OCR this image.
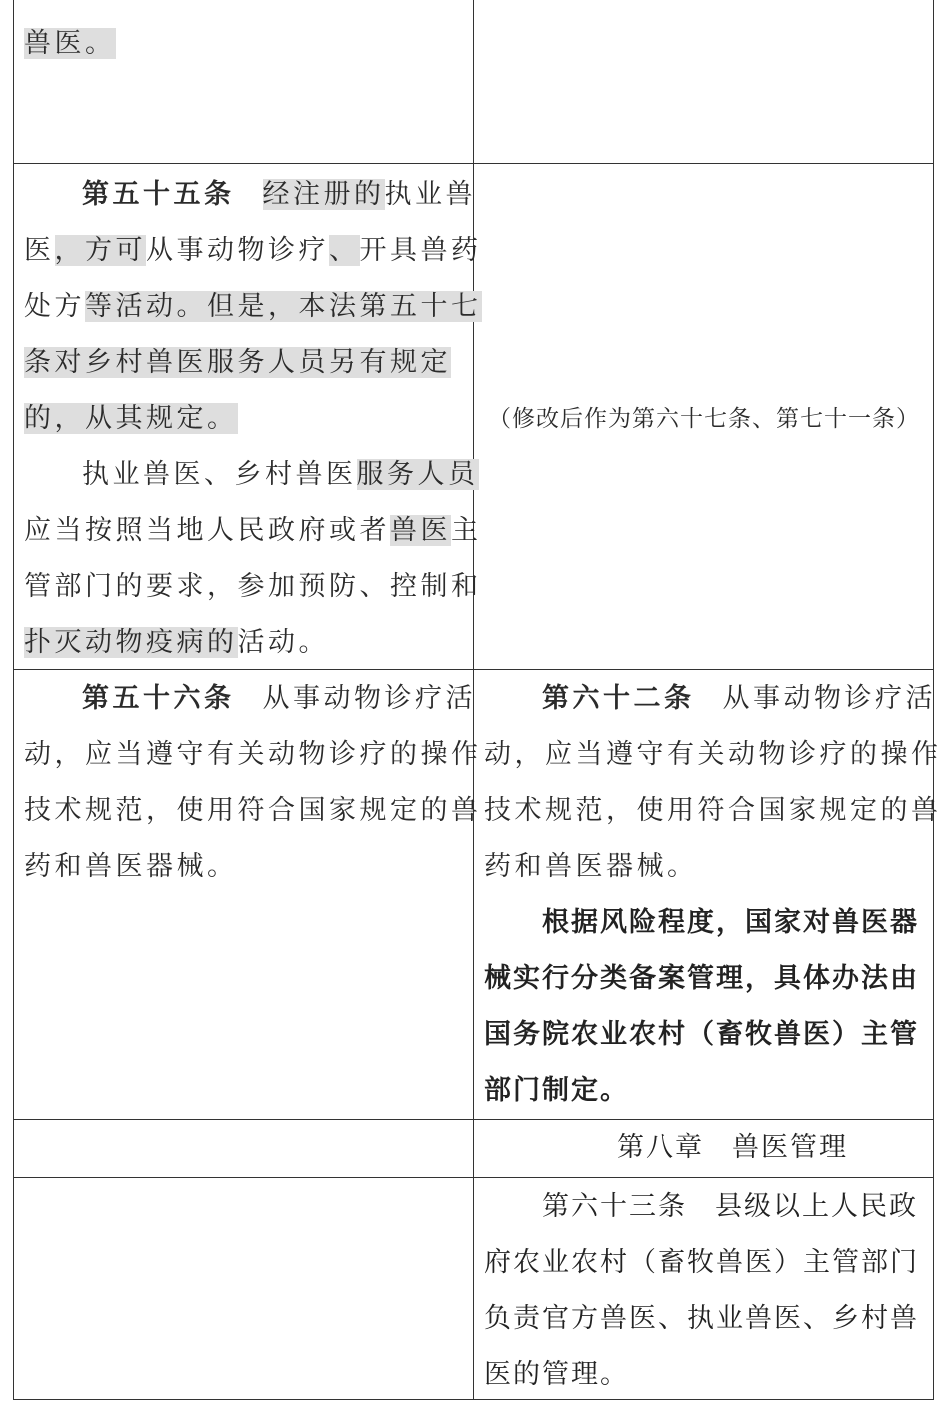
兽医。
第五十五条 经注册的执业兽
医，方可从事动物诊疗、开具兽药
处方等活动。但是，本法第五十七
条对乡村兽医服务人员另有规定
的，从其规定。
执业兽医、乡村兽医服务人员
应当按照当地人民政府或者兽医主
管部门的要求，参加预防、控制和
扑灭动物疫病的活动。
（修改后作为第六十七条、第七十一条）
第五十六条 从事动物诊疗活
动，应当遵守有关动物诊疗的操作
技术规范，使用符合国家规定的兽
药和兽医器械。
第六十二条 从事动物诊疗活
动，应当遵守有关动物诊疗的操作
技术规范，使用符合国家规定的兽
药和兽医器械。
根据风险程度，国家对兽医器
械实行分类备案管理，具体办法由
国务院农业农村（畜牧兽医）主管
部门制定。
第八章 兽医管理
第六十三条 县级以上人民政
府农业农村（畜牧兽医）主管部门
负责官方兽医、执业兽医、乡村兽
医的管理。
